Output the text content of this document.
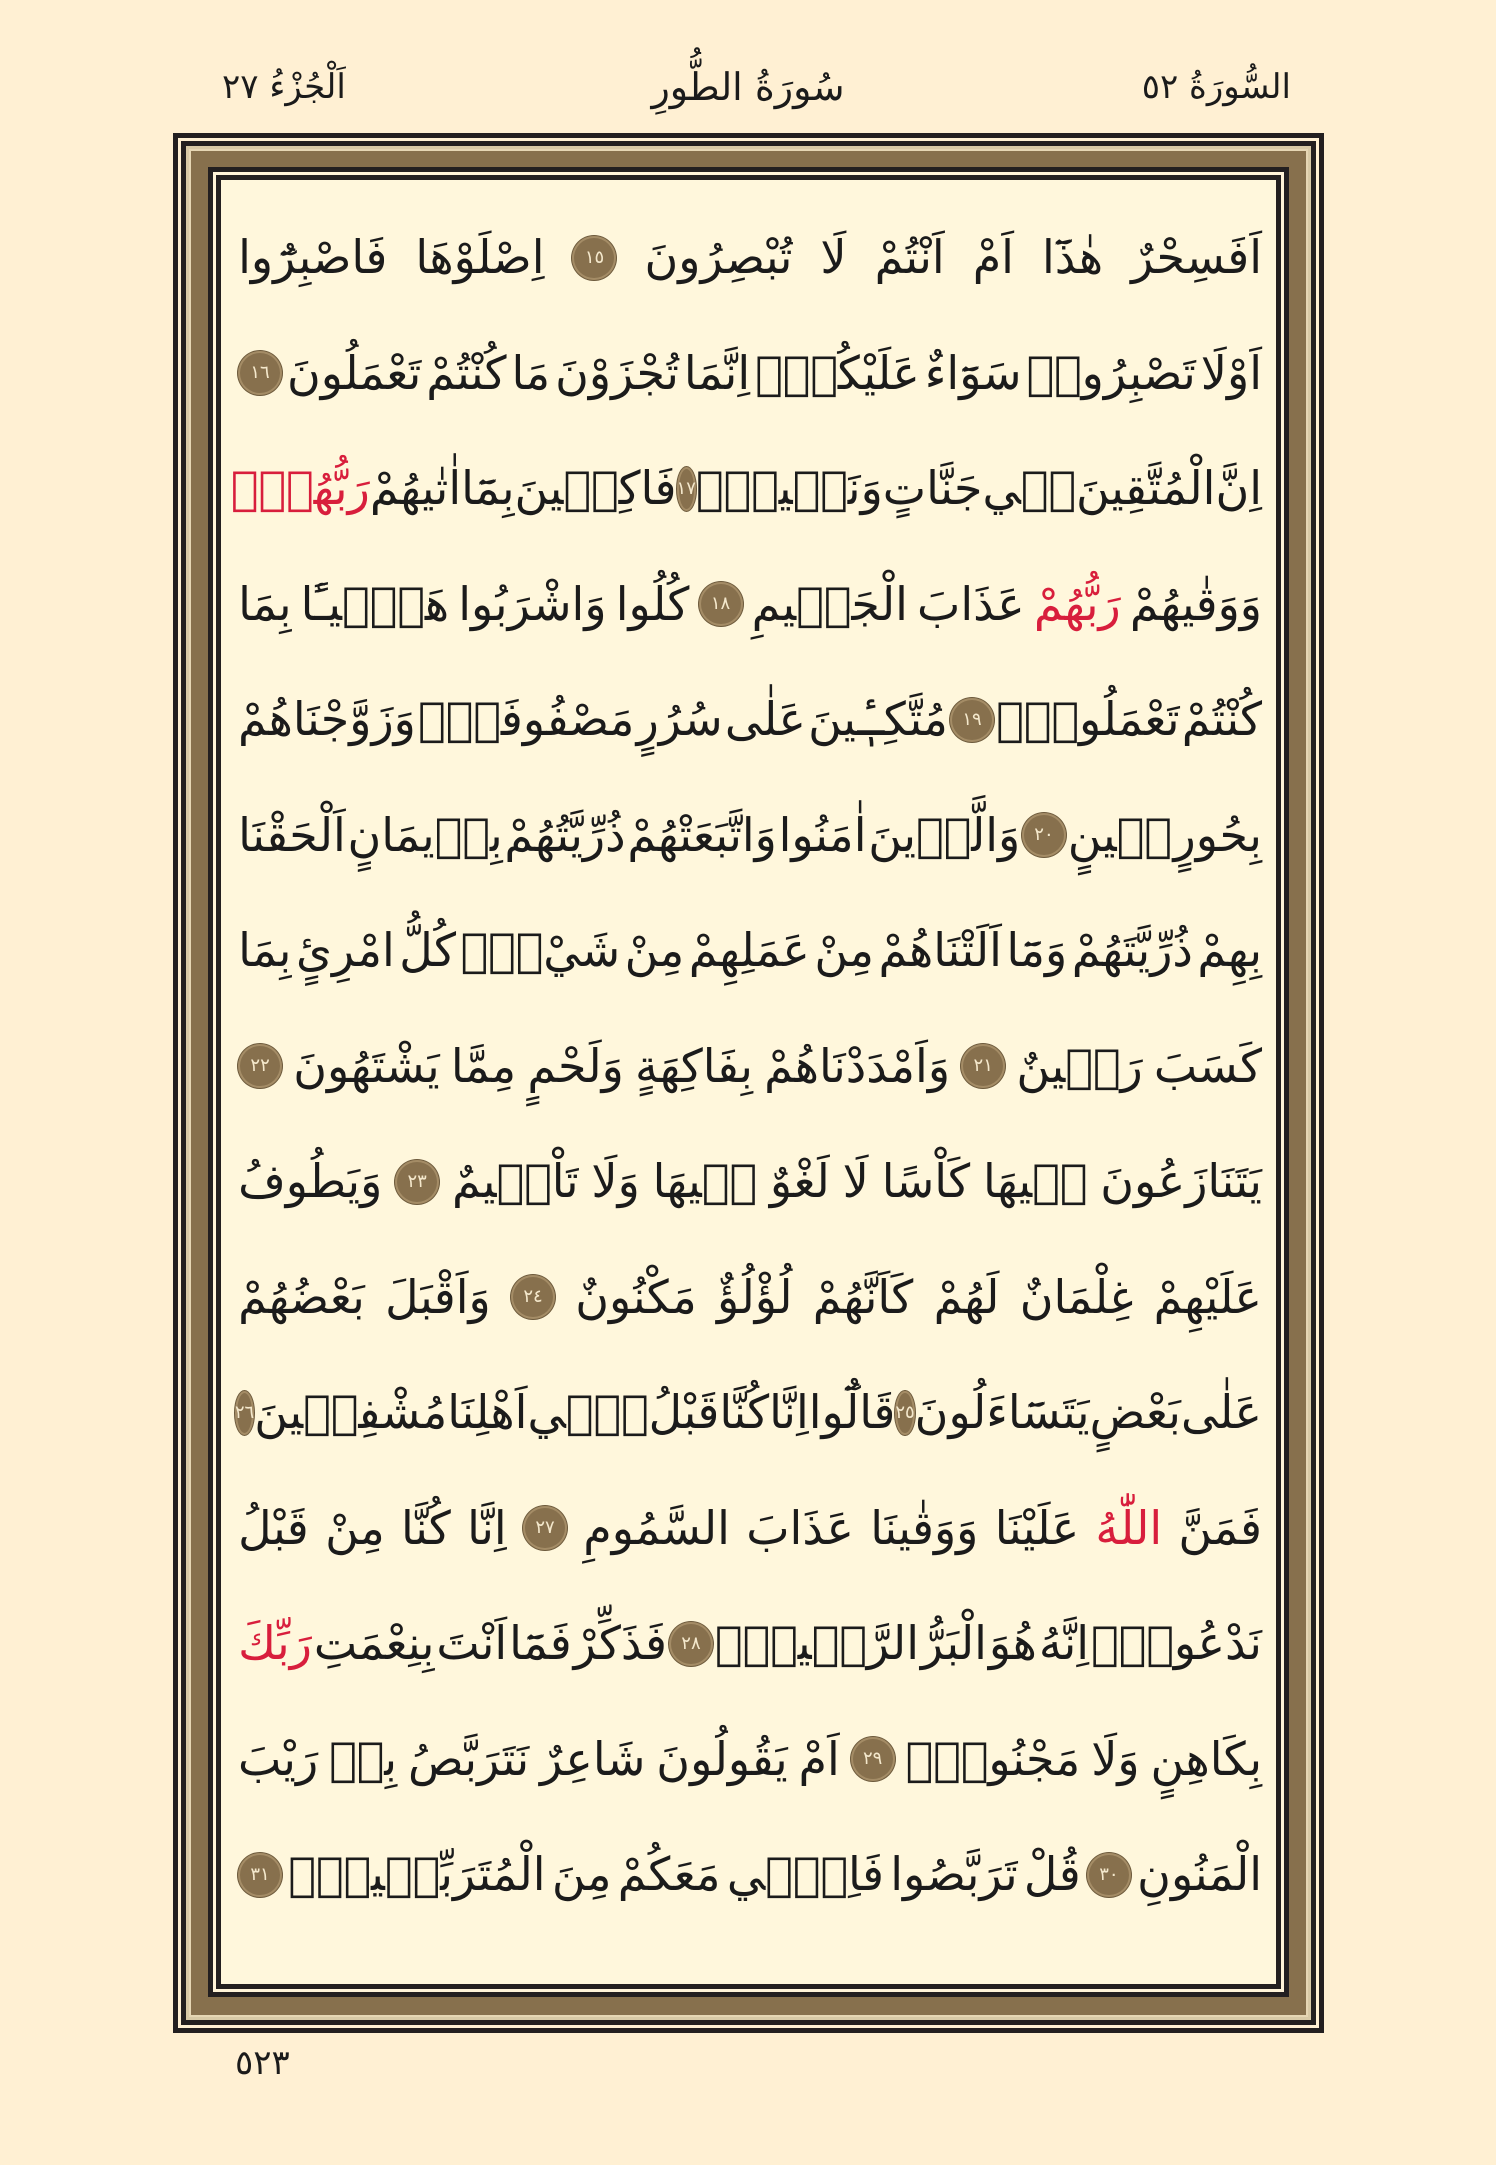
السُّورَةُ ٥٢
سُورَةُ الطُّورِ
اَلْجُزْءُ ٢٧
اَفَسِحْرٌ
هٰذَٓا
اَمْ
اَنْتُمْ
لَا
تُبْصِرُونَ
١٥
اِصْلَوْهَا
فَاصْبِرُٓوا
اَوْلَا
تَصْبِرُواۚ
سَوَٓاءٌ
عَلَيْكُمْۜ
اِنَّمَا
تُجْزَوْنَ
مَا
كُنْتُمْ
تَعْمَلُونَ
١٦
اِنَّ
الْمُتَّقِينَ
فٖي
جَنَّاتٍ
وَنَعٖيمٍۙ
١٧
فَاكِهٖينَ
بِمَٓا
اٰتٰيهُمْ
رَبُّهُمْۚ
وَوَقٰيهُمْ
رَبُّهُمْ
عَذَابَ
الْجَحٖيمِ
١٨
كُلُوا
وَاشْرَبُوا
هَنٖٓيـًٔا
بِمَا
كُنْتُمْ
تَعْمَلُونَۙ
١٩
مُتَّكِـٖٔينَ
عَلٰى
سُرُرٍ
مَصْفُوفَةٍۚ
وَزَوَّجْنَاهُمْ
بِحُورٍ
عٖينٍ
٢٠
وَالَّذٖينَ
اٰمَنُوا
وَاتَّبَعَتْهُمْ
ذُرِّيَّتُهُمْ
بِاٖيمَانٍ
اَلْحَقْنَا
بِهِمْ
ذُرِّيَّتَهُمْ
وَمَٓا
اَلَتْنَاهُمْ
مِنْ
عَمَلِهِمْ
مِنْ
شَيْءٍۜ
كُلُّ
امْرِئٍ
بِمَا
كَسَبَ
رَهٖينٌ
٢١
وَاَمْدَدْنَاهُمْ
بِفَاكِهَةٍ
وَلَحْمٍ
مِمَّا
يَشْتَهُونَ
٢٢
يَتَنَازَعُونَ
فٖيهَا
كَاْسًا
لَا
لَغْوٌ
فٖيهَا
وَلَا
تَاْثٖيمٌ
٢٣
وَيَطُوفُ
عَلَيْهِمْ
غِلْمَانٌ
لَهُمْ
كَاَنَّهُمْ
لُؤْلُؤٌ
مَكْنُونٌ
٢٤
وَاَقْبَلَ
بَعْضُهُمْ
عَلٰى
بَعْضٍ
يَتَسَٓاءَلُونَ
٢٥
قَالُٓوا
اِنَّا
كُنَّا
قَبْلُ
فٖٓي
اَهْلِنَا
مُشْفِقٖينَ
٢٦
فَمَنَّ
اللّٰهُ
عَلَيْنَا
وَوَقٰينَا
عَذَابَ
السَّمُومِ
٢٧
اِنَّا
كُنَّا
مِنْ
قَبْلُ
نَدْعُوهُۜ
اِنَّهُ
هُوَ
الْبَرُّ
الرَّحٖيمُ۟
٢٨
فَذَكِّرْ
فَمَٓا
اَنْتَ
بِنِعْمَتِ
رَبِّكَ
بِكَاهِنٍ
وَلَا
مَجْنُونٍۜ
٢٩
اَمْ
يَقُولُونَ
شَاعِرٌ
نَتَرَبَّصُ
بِهٖ
رَيْبَ
الْمَنُونِ
٣٠
قُلْ
تَرَبَّصُوا
فَاِنّٖي
مَعَكُمْ
مِنَ
الْمُتَرَبِّصٖينَۜ
٣١
٥٢٣
